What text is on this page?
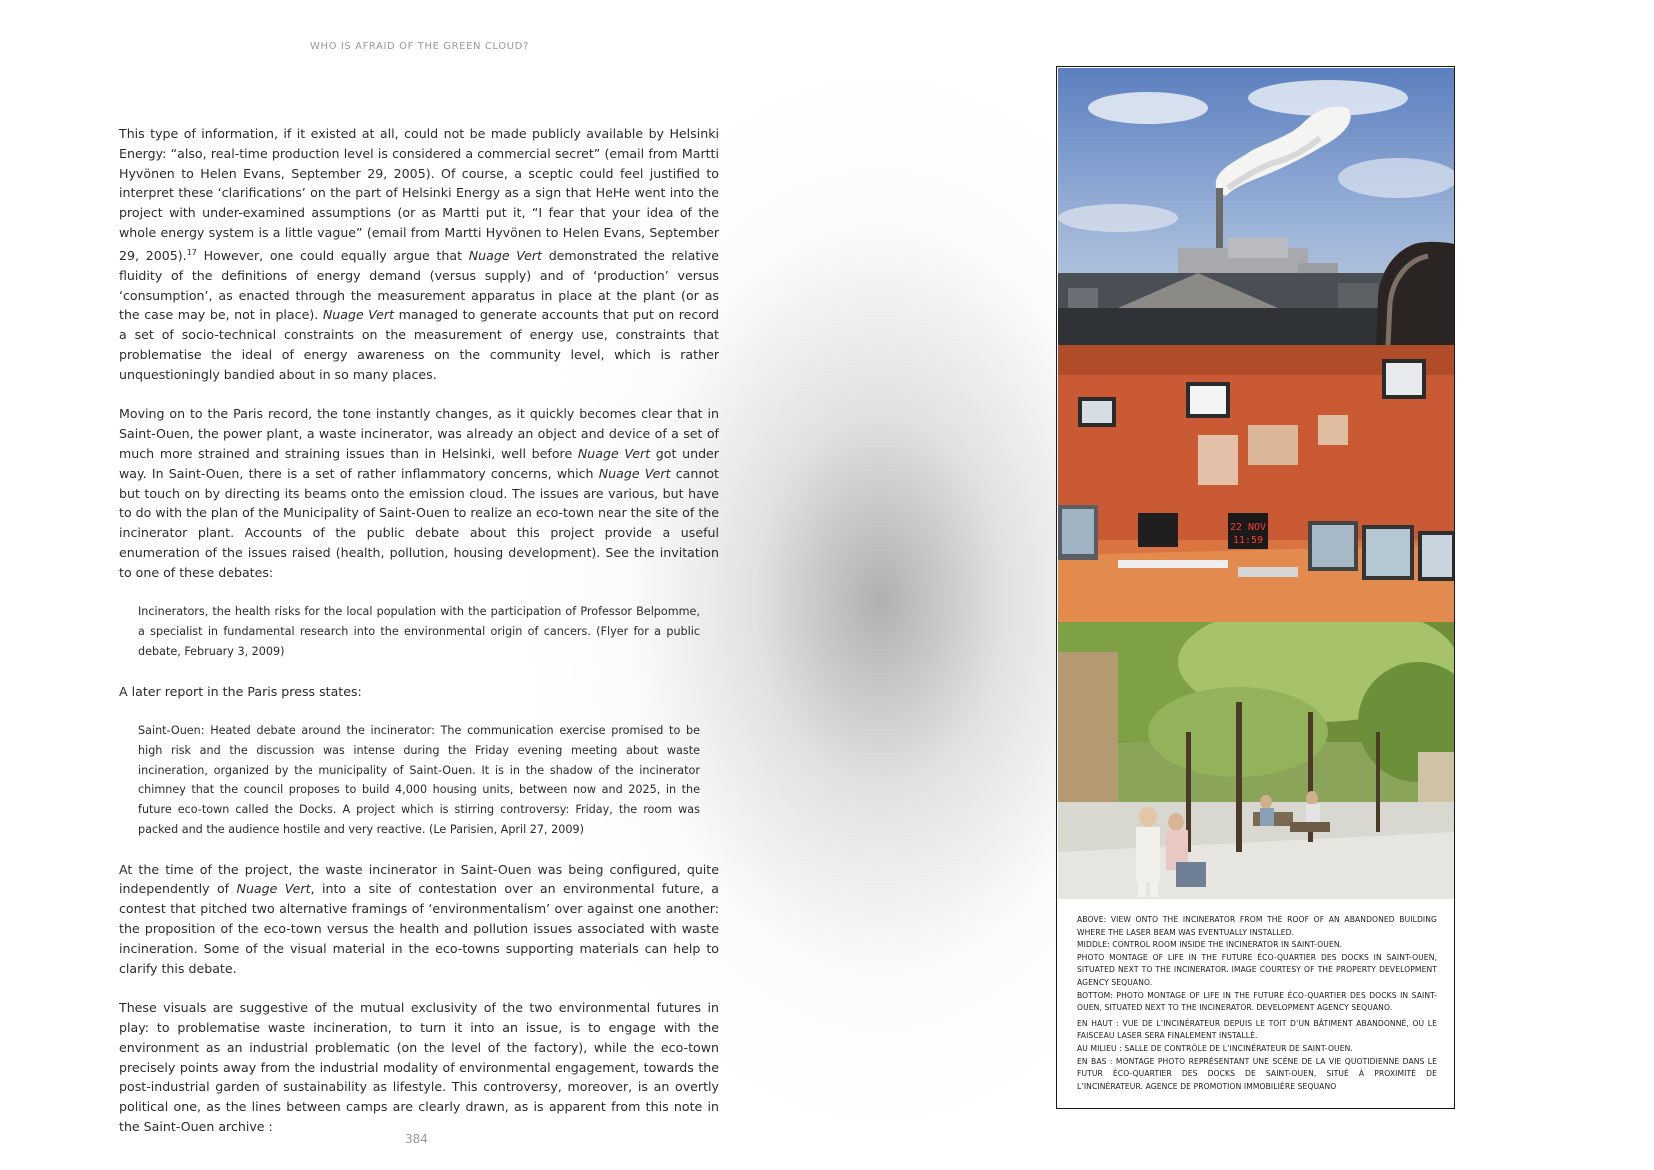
WHO IS AFRAID OF THE GREEN CLOUD?

This type of information, if it existed at all, could not be made publicly available by Helsinki Energy: “also, real-time production level is considered a commercial secret” (email from Martti Hyvönen to Helen Evans, September 29, 2005). Of course, a sceptic could feel justified to interpret these ‘clarifications’ on the part of Helsinki Energy as a sign that HeHe went into the project with under-examined assumptions (or as Martti put it, “I fear that your idea of the whole energy system is a little vague” (email from Martti Hyvönen to Helen Evans, September 29, 2005).$^{17}$ However, one could equally argue that Nuage Vert demonstrated the relative fluidity of the definitions of energy demand (versus supply) and of ‘production’ versus ‘consumption’, as enacted through the measurement apparatus in place at the plant (or as the case may be, not in place). Nuage Vert managed to generate accounts that put on record a set of socio-technical constraints on the measurement of energy use, constraints that problematise the ideal of energy awareness on the community level, which is rather unquestioningly bandied about in so many places.

Moving on to the Paris record, the tone instantly changes, as it quickly becomes clear that in Saint-Ouen, the power plant, a waste incinerator, was already an object and device of a set of much more strained and straining issues than in Helsinki, well before Nuage Vert got under way. In Saint-Ouen, there is a set of rather inflammatory concerns, which Nuage Vert cannot but touch on by directing its beams onto the emission cloud. The issues are various, but have to do with the plan of the Municipality of Saint-Ouen to realize an eco-town near the site of the incinerator plant. Accounts of the public debate about this project provide a useful enumeration of the issues raised (health, pollution, housing development). See the invitation to one of these debates:

Incinerators, the health risks for the local population with the participation of Professor Belpomme, a specialist in fundamental research into the environmental origin of cancers. (Flyer for a public debate, February 3, 2009)

A later report in the Paris press states:

Saint-Ouen: Heated debate around the incinerator: The communication exercise promised to be high risk and the discussion was intense during the Friday evening meeting about waste incineration, organized by the municipality of Saint-Ouen. It is in the shadow of the incinerator chimney that the council proposes to build 4,000 housing units, between now and 2025, in the future eco-town called the Docks. A project which is stirring controversy: Friday, the room was packed and the audience hostile and very reactive. (Le Parisien, April 27, 2009)

At the time of the project, the waste incinerator in Saint-Ouen was being configured, quite independently of Nuage Vert, into a site of contestation over an environmental future, a contest that pitched two alternative framings of ‘environmentalism’ over against one another: the proposition of the eco-town versus the health and pollution issues associated with waste incineration. Some of the visual material in the eco-towns supporting materials can help to clarify this debate.

These visuals are suggestive of the mutual exclusivity of the two environmental futures in play: to problematise waste incineration, to turn it into an issue, is to engage with the environment as an industrial problematic (on the level of the factory), while the eco-town precisely points away from the industrial modality of environmental engagement, towards the post-industrial garden of sustainability as lifestyle. This controversy, moreover, is an overtly political one, as the lines between camps are clearly drawn, as is apparent from this note in the Saint-Ouen archive :

384
22 NOV
11:59

ABOVE: VIEW ONTO THE INCINERATOR FROM THE ROOF OF AN ABANDONED BUILDING WHERE THE LASER BEAM WAS EVENTUALLY INSTALLED.

MIDDLE: CONTROL ROOM INSIDE THE INCINERATOR IN SAINT-OUEN.

PHOTO MONTAGE OF LIFE IN THE FUTURE ÉCO-QUARTIER DES DOCKS IN SAINT-OUEN, SITUATED NEXT TO THE INCINERATOR. IMAGE COURTESY OF THE PROPERTY DEVELOPMENT AGENCY SEQUANO.

BOTTOM: PHOTO MONTAGE OF LIFE IN THE FUTURE ÉCO-QUARTIER DES DOCKS IN SAINT-OUEN, SITUATED NEXT TO THE INCINERATOR. DEVELOPMENT AGENCY SEQUANO.

EN HAUT : VUE DE L’INCINÉRATEUR DEPUIS LE TOIT D’UN BÂTIMENT ABANDONNÉ, OÙ LE FAISCEAU LASER SERA FINALEMENT INSTALLÉ.

AU MILIEU : SALLE DE CONTRÔLE DE L’INCINÉRATEUR DE SAINT-OUEN.

EN BAS : MONTAGE PHOTO REPRÉSENTANT UNE SCÈNE DE LA VIE QUOTIDIENNE DANS LE FUTUR ÉCO-QUARTIER DES DOCKS DE SAINT-OUEN, SITUÉ À PROXIMITÉ DE L’INCINÉRATEUR. AGENCE DE PROMOTION IMMOBILIÈRE SEQUANO
